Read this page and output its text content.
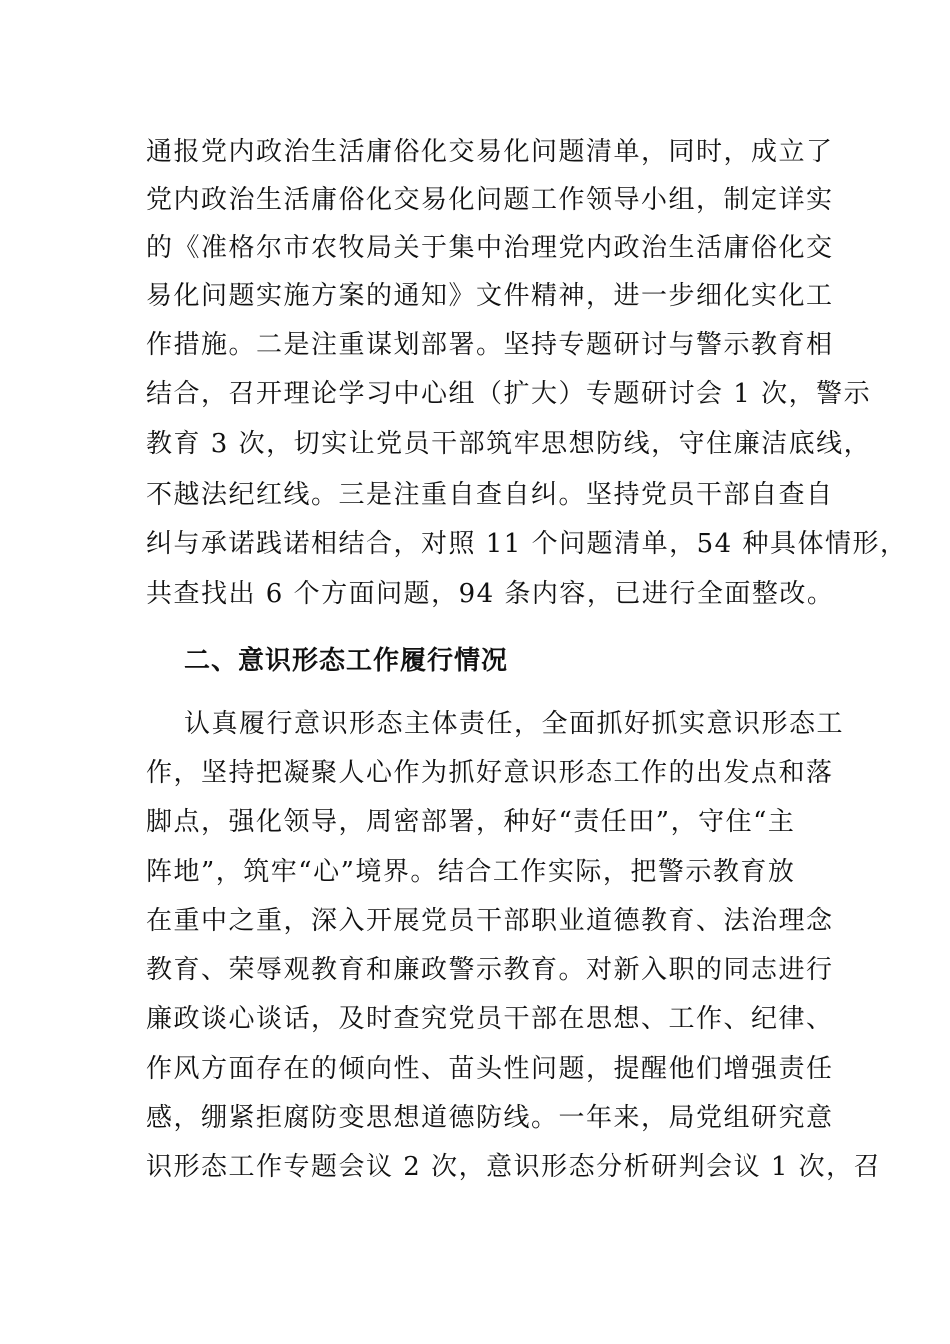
通报党内政治生活庸俗化交易化问题清单，同时，成立了
党内政治生活庸俗化交易化问题工作领导小组，制定详实
的《准格尔市农牧局关于集中治理党内政治生活庸俗化交
易化问题实施方案的通知》文件精神，进一步细化实化工
作措施。二是注重谋划部署。坚持专题研讨与警示教育相
结合，召开理论学习中心组（扩大）专题研讨会 1 次，警示
教育 3 次，切实让党员干部筑牢思想防线，守住廉洁底线，
不越法纪红线。三是注重自查自纠。坚持党员干部自查自
纠与承诺践诺相结合，对照 11 个问题清单，54 种具体情形，
共查找出 6 个方面问题，94 条内容，已进行全面整改。
二、意识形态工作履行情况
认真履行意识形态主体责任，全面抓好抓实意识形态工
作，坚持把凝聚人心作为抓好意识形态工作的出发点和落
脚点，强化领导，周密部署，种好“责任田”，守住“主
阵地”，筑牢“心”境界。结合工作实际，把警示教育放
在重中之重，深入开展党员干部职业道德教育、法治理念
教育、荣辱观教育和廉政警示教育。对新入职的同志进行
廉政谈心谈话，及时查究党员干部在思想、工作、纪律、
作风方面存在的倾向性、苗头性问题，提醒他们增强责任
感，绷紧拒腐防变思想道德防线。一年来，局党组研究意
识形态工作专题会议 2 次，意识形态分析研判会议 1 次，召
